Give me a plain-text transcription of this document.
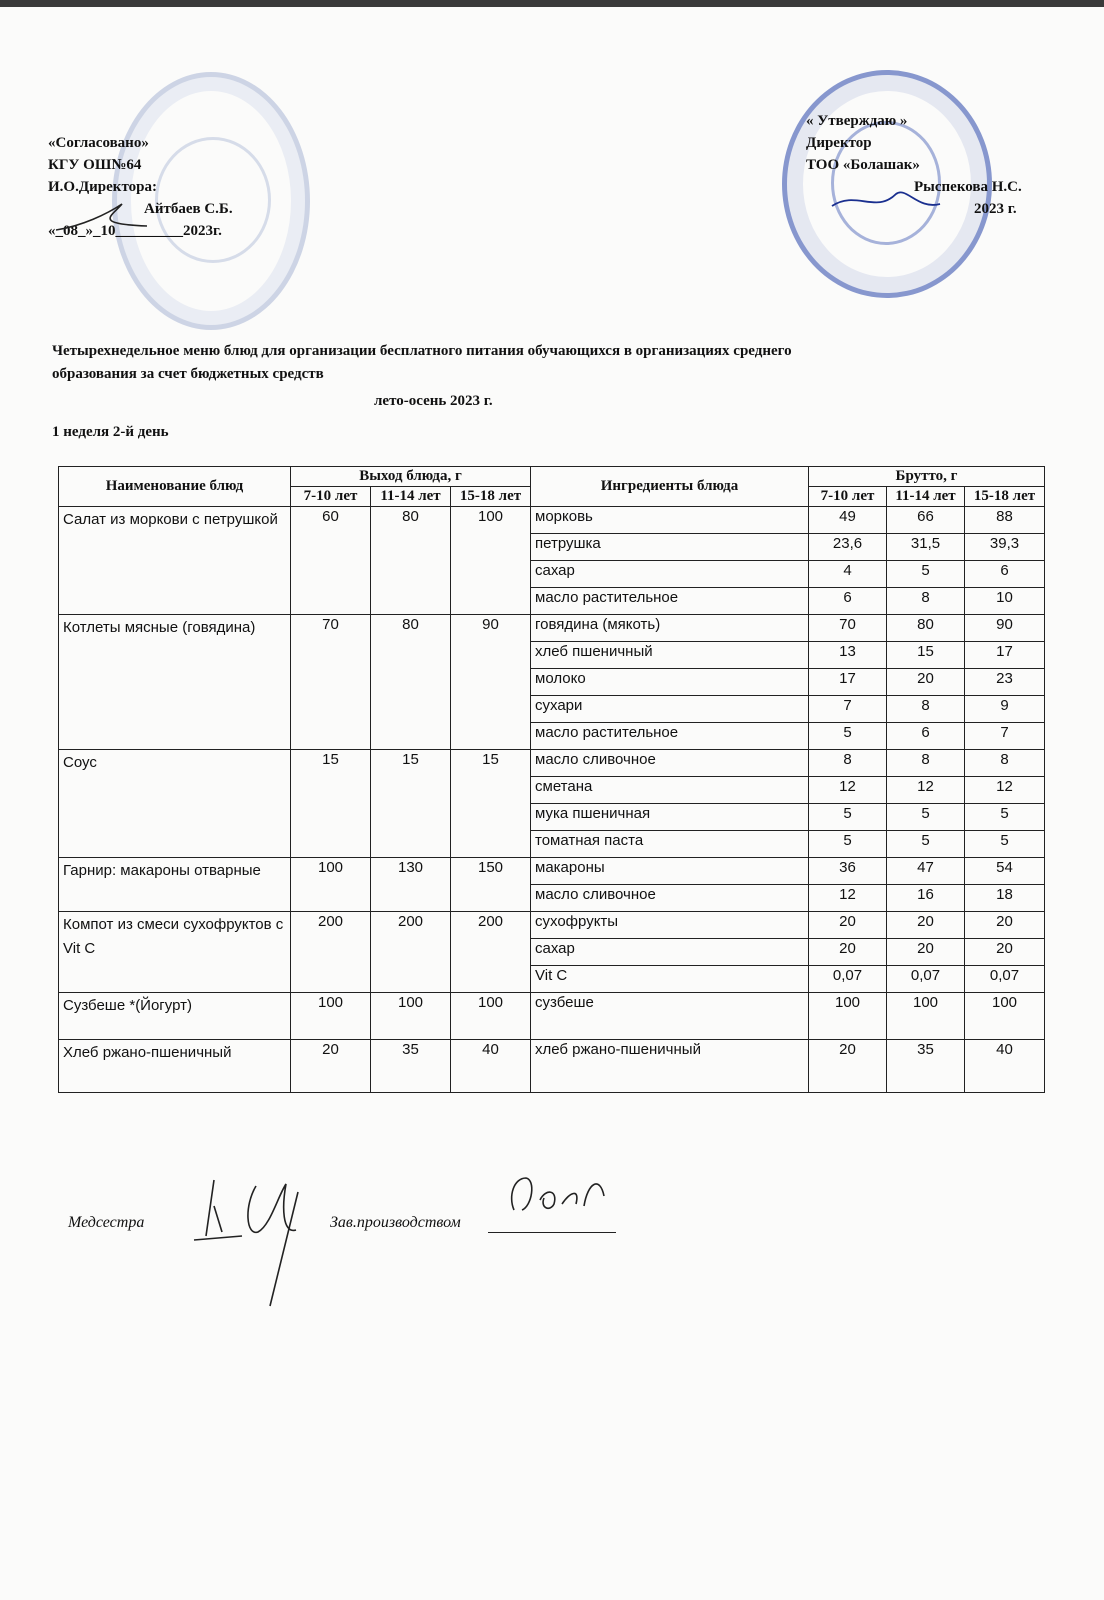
«Согласовано»
КГУ ОШ№64
И.О.Директора:
Айтбаев С.Б.
«_08_»_10_________2023г.
« Утверждаю »
Директор
ТОО «Болашак»
Рыспекова Н.С.
2023 г.
Четырехнедельное меню блюд для организации бесплатного питания обучающихся в организациях среднего образования за счет бюджетных средств
лето-осень 2023 г.
1 неделя 2-й день
Наименование блюд	Выход блюда, г			Ингредиенты блюда	Брутто, г		
	7-10 лет	11-14 лет	15-18 лет		7-10 лет	11-14 лет	15-18 лет
Салат из моркови с петрушкой	60	80	100	морковь	49	66	88
				петрушка	23,6	31,5	39,3
				сахар	4	5	6
				масло растительное	6	8	10
Котлеты мясные (говядина)	70	80	90	говядина (мякоть)	70	80	90
				хлеб пшеничный	13	15	17
				молоко	17	20	23
				сухари	7	8	9
				масло растительное	5	6	7
Соус	15	15	15	масло сливочное	8	8	8
				сметана	12	12	12
				мука пшеничная	5	5	5
				томатная паста	5	5	5
Гарнир: макароны отварные	100	130	150	макароны	36	47	54
				масло сливочное	12	16	18
Компот из смеси сухофруктов с Vit C	200	200	200	сухофрукты	20	20	20
				сахар	20	20	20
				Vit C	0,07	0,07	0,07
Сузбеше *(Йогурт)	100	100	100	сузбеше	100	100	100
Хлеб ржано-пшеничный	20	35	40	хлеб ржано-пшеничный	20	35	40
Медсестра	Зав.производством
